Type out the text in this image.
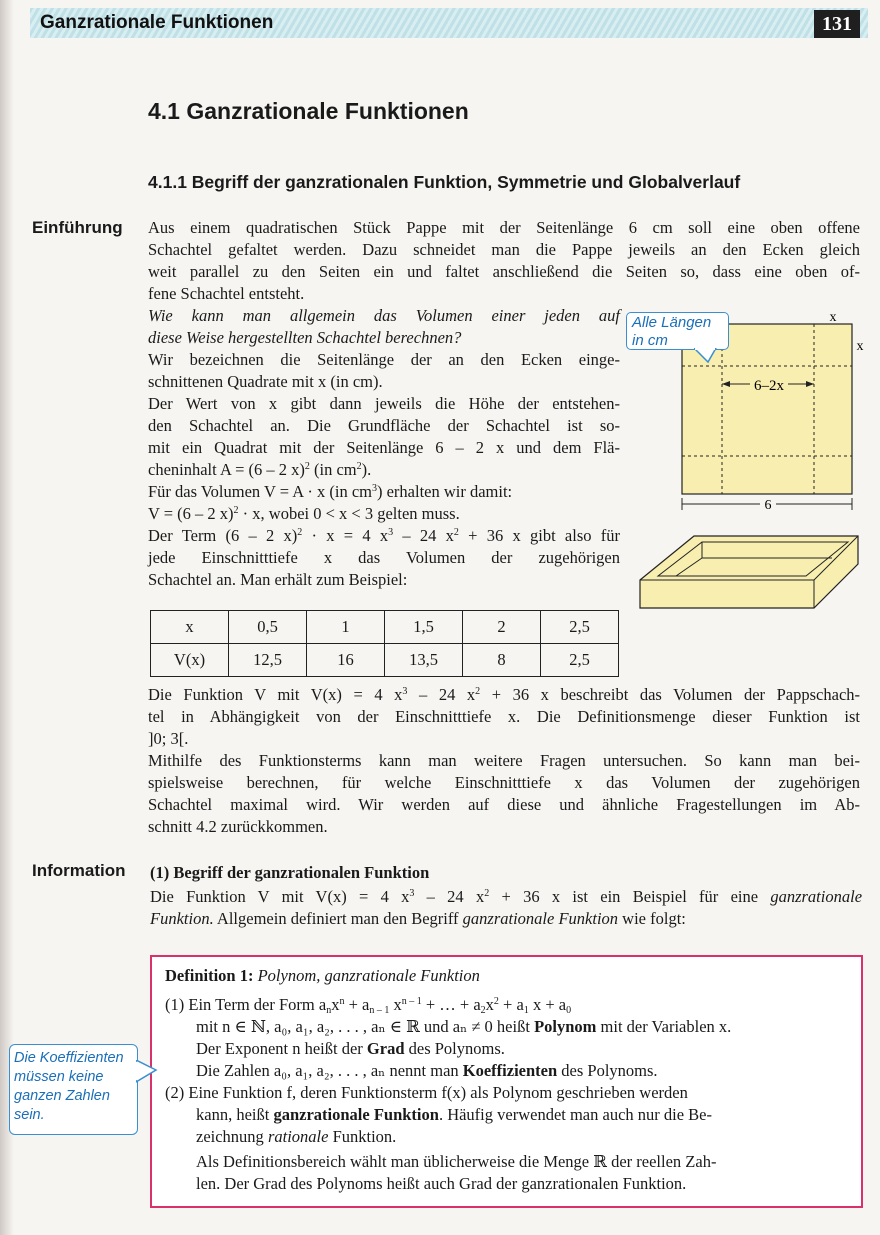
Ganzrationale Funktionen	131
4.1 Ganzrationale Funktionen
4.1.1 Begriff der ganzrationalen Funktion, Symmetrie und Globalverlauf
Einführung Aus einem quadratischen Stück Pappe mit der Seitenlänge 6 cm soll eine oben offene
Schachtel gefaltet werden. Dazu schneidet man die Pappe jeweils an den Ecken gleich
weit parallel zu den Seiten ein und faltet anschließend die Seiten so, dass eine oben of-
fene Schachtel entsteht.
Wie kann man allgemein das Volumen einer jeden auf
diese Weise hergestellten Schachtel berechnen?
Wir bezeichnen die Seitenlänge der an den Ecken einge-
schnittenen Quadrate mit x (in cm).
Der Wert von x gibt dann jeweils die Höhe der entstehen-
den Schachtel an. Die Grundfläche der Schachtel ist so-
mit ein Quadrat mit der Seitenlänge 6 – 2 x und dem Flä-
cheninhalt A = (6 – 2 x)$^2$ (in $cm^2$).
Für das Volumen V = A · x (in $cm^3$) erhalten wir damit:
V = (6 – 2 x)$^2$ · x, wobei 0 < x < 3 gelten muss.
Der Term (6 – 2 x)$^2$ · x = 4 $x^3 - 24$ $x^2 + 36$ x gibt also für
jede Einschnitttiefe x das Volumen der zugehörigen
Schachtel an. Man erhält zum Beispiel:
6–2x
x
x
6
Alle Längen
in cm
x	0,5	1	1,5	2	2,5
V(x)	12,5	16	13,5	8	2,5
Die Funktion V mit V(x) = 4 $x^3 - 24$ $x^2 + 36$ x beschreibt das Volumen der Pappschach-
tel in Abhängigkeit von der Einschnitttiefe x. Die Definitionsmenge dieser Funktion ist
]0; 3[.
Mithilfe des Funktionsterms kann man weitere Fragen untersuchen. So kann man bei-
spielsweise berechnen, für welche Einschnitttiefe x das Volumen der zugehörigen
Schachtel maximal wird. Wir werden auf diese und ähnliche Fragestellungen im Ab-
schnitt 4.2 zurückkommen.
Information (1) Begriff der ganzrationalen Funktion
Die Funktion V mit V(x) = 4 $x^3 - 24$ $x^2 + 36$ x ist ein Beispiel für eine ganzrationale
Funktion. Allgemein definiert man den Begriff ganzrationale Funktion wie folgt:
Definition 1: Polynom, ganzrationale Funktion
(1) Ein Term der Form $a_nx^n + a_{n - 1}$ $x^{n - 1}$ + … + $a_2x^2 + a_1$ $x + a_0$
mit n ∈ ℕ, a₀, a₁, a₂, . . . , aₙ ∈ ℝ und aₙ ≠ 0 heißt Polynom mit der Variablen x.
Der Exponent n heißt der Grad des Polynoms.
Die Zahlen a₀, a₁, a₂, . . . , aₙ nennt man Koeffizienten des Polynoms.
(2) Eine Funktion f, deren Funktionsterm f(x) als Polynom geschrieben werden
kann, heißt ganzrationale Funktion. Häufig verwendet man auch nur die Be-
zeichnung rationale Funktion.
Als Definitionsbereich wählt man üblicherweise die Menge ℝ der reellen Zah-
len. Der Grad des Polynoms heißt auch Grad der ganzrationalen Funktion.
Die Koeffizienten
müssen keine
ganzen Zahlen
sein.
